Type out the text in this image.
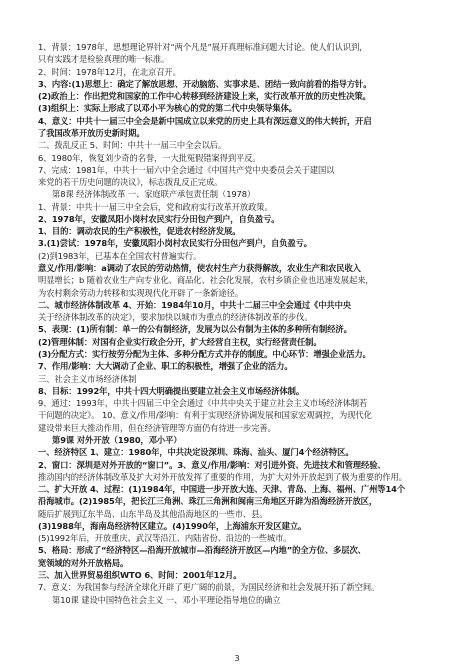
1、背景：1978年，思想理论界针对“两个凡是”展开真理标准问题大讨论。使人们认识到，
只有实践才是检验真理的唯一标准。
2、时间：1978年12月，在北京召开。
3、内容:(1)思想上：确定了解放思想、开动脑筋、实事求是、团结一致向前看的指导方针。
(2)政治上：作出把党和国家的工作中心转移到经济建设上来，实行改革开放的历史性决策。
(3)组织上：实际上形成了以邓小平为核心的党的第二代中央领导集体。
4、意义：中共十一届三中全会是新中国成立以来党的历史上具有深远意义的伟大转折，开启
了我国改革开放历史新时期。
二、拨乱反正 5、时间：中共十一届三中全会以后。
6、1980年，恢复刘少奇的名誉，一大批冤假错案得到平反。
7、完成：1981年，中共十一届六中全会通过《中国共产党中央委员会关于建国以
来党的若干历史问题的决议》，标志拨乱反正完成。
第8课 经济体制改革 一、家庭联产承包责任制（1978）
1、背景：中共十一届三中全会后，党和政府实行改革开放政策。
2、1978年，安徽凤阳小岗村农民实行分田包产到户，自负盈亏。
1、目的：调动农民的生产积极性，促进农村经济发展。
3.(1)尝试：1978年，安徽凤阳小岗村农民实行分田包产到户，自负盈亏。
(2)到1983年，已基本在全国农村普遍实行。
意义/作用/影响：a调动了农民的劳动热情，使农村生产力获得解放，农业生产和农民收入
明显增长；b 随着农业生产向专业化、商品化、社会化发展，农村乡镇企业也迅速发展起来，
为农村剩余劳动力转移和实现现代化开辟了一条新途径。
二、城市经济体制改革 4、开始：1984年10月，中共十二届三中全会通过《中共中央
关于经济体制改革的决定》，要求加快以城市为重点的经济体制改革的步伐。
5、表现：(1)所有制：单一的公有制经济，发展为以公有制为主体的多种所有制经济。
(2)管理体制：对国有企业实行政企分开，扩大经营自主权，实行经营责任制。
(3)分配方式：实行按劳分配为主体、多种分配方式并存的制度。中心环节：增强企业活力。
7、作用/影响：大大调动了企业、职工的积极性，增强了企业的活力。
三、社会主义市场经济体制
8、目标：1992年，中共十四大明确提出要建立社会主义市场经济体制。
9、通过：1993年，中共十四届三中全会通过《中共中央关于建立社会主义市场经济体制若
干问题的决定》。 10、意义/作用/影响：有利于实现经济协调发展和国家宏观调控，为现代化
建设带来巨大推动作用，但在经济管理等方面仍有待进一步完善。
第9课 对外开放（1980，邓小平）
一、经济特区 1、建立：1980年，中共决定设深圳、珠海、汕头、厦门4个经济特区。
2、窗口：深圳是对外开放的“窗口”。3、意义/作用/影响：对引进外资、先进技术和管理经验、
推动国内的经济体制改革及扩大对外开放发挥了重要的作用，为扩大对外开放起到了极为重要的作用。
二、扩大开放 4、过程：(1)1984年，中国进一步开放大连、天津、青岛、上海、福州、广州等14个
沿海城市。(2)1985年，把长江三角洲、珠江三角洲和闽南三角地区开辟为沿海经济开放区，
随后扩展到辽东半岛、山东半岛及其他沿海地区的一些市、县。
(3)1988年，海南岛经济特区建立。(4)1990年，上海浦东开发区建立。
(5)1992年后，开放重庆、武汉等沿江、内陆省份、沿边的一些城市。
5、格局：形成了“经济特区—沿海开放城市—沿海经济开放区—内地”的全方位、多层次、
宽领域的对外开放格局。
三、加入世界贸易组织WTO 6、时间：2001年12月。
7、意义：为我国参与经济全球化开辟了更广阔的前景，为国民经济和社会发展开拓了新空间。
第10课 建设中国特色社会主义 一、邓小平理论指导地位的确立
3
